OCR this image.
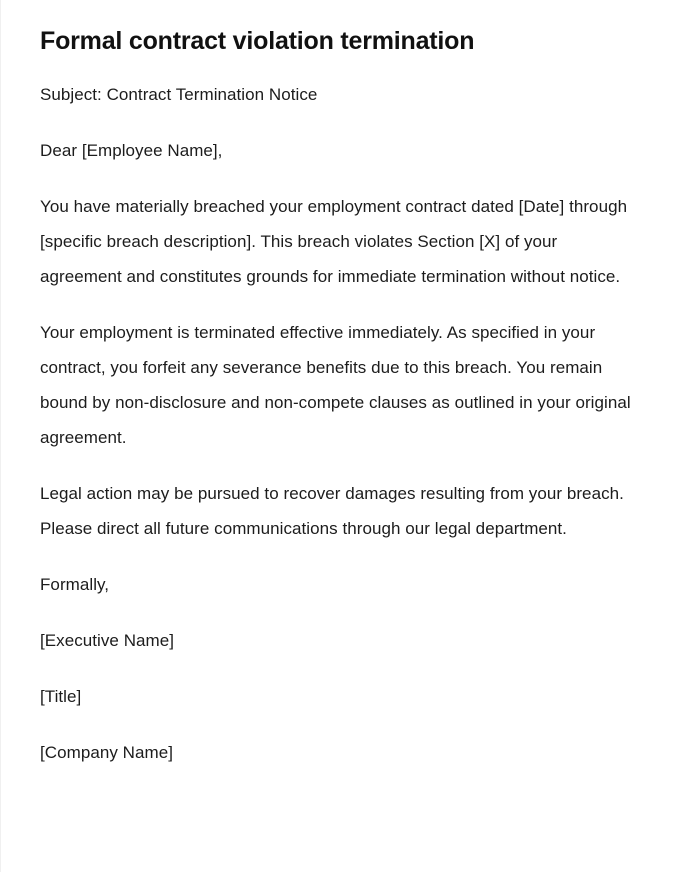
Formal contract violation termination

Subject: Contract Termination Notice

Dear [Employee Name],

You have materially breached your employment contract dated [Date] through [specific breach description]. This breach violates Section [X] of your agreement and constitutes grounds for immediate termination without notice.

Your employment is terminated effective immediately. As specified in your contract, you forfeit any severance benefits due to this breach. You remain bound by non-disclosure and non-compete clauses as outlined in your original agreement.

Legal action may be pursued to recover damages resulting from your breach. Please direct all future communications through our legal department.

Formally,

[Executive Name]

[Title]

[Company Name]
